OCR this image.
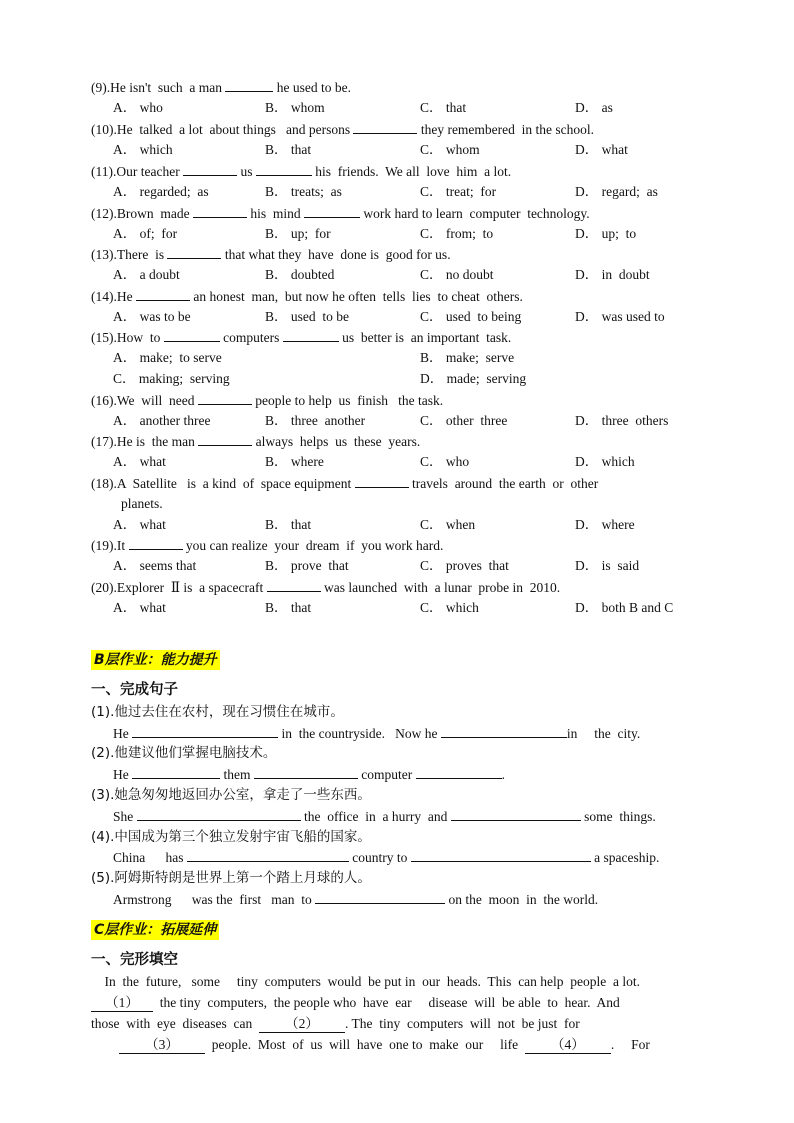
(9).He isn't  such  a man	he used to be.
A． who	B． whom	C． that	D． as
(10).He  talked  a lot  about things   and persons	they remembered  in the school.
A． which	B． that	C． whom	D． what
(11).Our teacher	us	his  friends.  We all  love  him  a lot.
A． regarded;  as	B． treats;  as	C． treat;  for	D． regard;  as
(12).Brown  made	his  mind	work hard to learn  computer  technology.
A． of;  for	B． up;  for	C． from;  to	D． up;  to
(13).There  is	that what they  have  done is  good for us.
A． a doubt	B． doubted	C． no doubt	D． in  doubt
(14).He	an honest  man,  but now he often  tells  lies  to cheat  others.
A． was to be	B． used  to be	C． used  to being	D． was used to
(15).How  to	computers	us  better is  an important  task.
A． make;  to serve	B． make;  serve
C． making;  serving	D． made;  serving
(16).We  will  need	people to help  us  finish   the task.
A． another three	B． three  another	C． other  three	D． three  others
(17).He is  the man	always  helps  us  these  years.
A． what	B． where	C． who	D． which
(18).A  Satellite   is  a kind  of  space equipment	travels  around  the earth  or  other
planets.
A． what	B． that	C． when	D． where
(19).It	you can realize  your  dream  if  you work hard.
A． seems that	B． prove  that	C． proves  that	D． is  said
(20).Explorer  Ⅱ is  a spacecraft	was launched  with  a lunar  probe in  2010.
A． what	B． that	C． which	D． both B and C
B层作业：能力提升
一、完成句子
(1).他过去住在农村，现在习惯住在城市。
He	in  the countryside.   Now he	in     the  city.
(2).他建议他们掌握电脑技术。
He	them	computer	.
(3).她急匆匆地返回办公室，拿走了一些东西。
She	the  office  in  a hurry  and	some  things.
(4).中国成为第三个独立发射宇宙飞船的国家。
China      has	country to	a spaceship.
(5).阿姆斯特朗是世界上第一个踏上月球的人。
Armstrong      was the  first   man  to	on the  moon  in  the world.
C层作业：拓展延伸
一、完形填空
In  the  future,   some     tiny  computers  would  be put in  our  heads.  This  can help  people  a lot.
（1） the tiny  computers,  the people who  have  ear     disease  will  be able  to  hear.  And
those  with  eye  diseases  can （2） . The  tiny  computers  will  not  be just  for
（3） people.  Most  of  us  will  have  one to  make  our     life （4） .     For
